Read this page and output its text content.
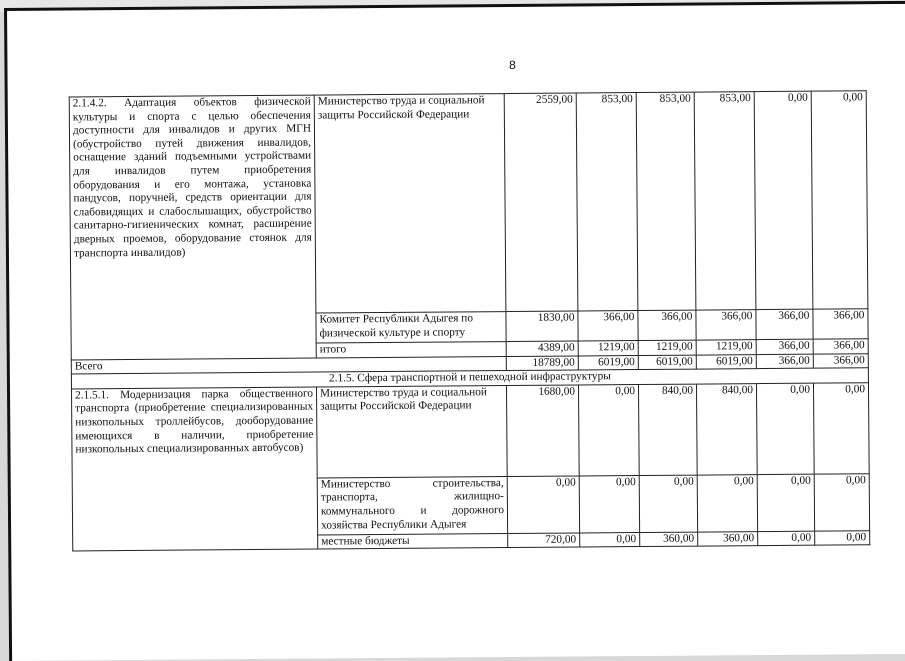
8
2.1.4.2. Адаптация объектов физической культуры и спорта с целью обеспечения доступности для инвалидов и других МГН (обустройство путей движения инвалидов, оснащение зданий подъемными устройствами для инвалидов путем приобретения оборудования и его монтажа, установка пандусов, поручней, средств ориентации для слабовидящих и слабослышащих, обустройство санитарно-гигиенических комнат, расширение дверных проемов, оборудование стоянок для транспорта инвалидов)	Министерство труда и социальной защиты Российской Федерации	2559,00	853,00	853,00	853,00	0,00	0,00
	Комитет Республики Адыгея по физической культуре и спорту	1830,00	366,00	366,00	366,00	366,00	366,00
	итого	4389,00	1219,00	1219,00	1219,00	366,00	366,00
Всего		18789,00	6019,00	6019,00	6019,00	366,00	366,00
2.1.5. Сфера транспортной и пешеходной инфраструктуры							
2.1.5.1. Модернизация парка общественного транспорта (приобретение специализированных низкопольных троллейбусов, дооборудование имеющихся в наличии, приобретение низкопольных специализированных автобусов)	Министерство труда и социальной защиты Российской Федерации	1680,00	0,00	840,00	840,00	0,00	0,00
	Министерство строительства, транспорта, жилищно-коммунального и дорожного хозяйства Республики Адыгея	0,00	0,00	0,00	0,00	0,00	0,00
	местные бюджеты	720,00	0,00	360,00	360,00	0,00	0,00
